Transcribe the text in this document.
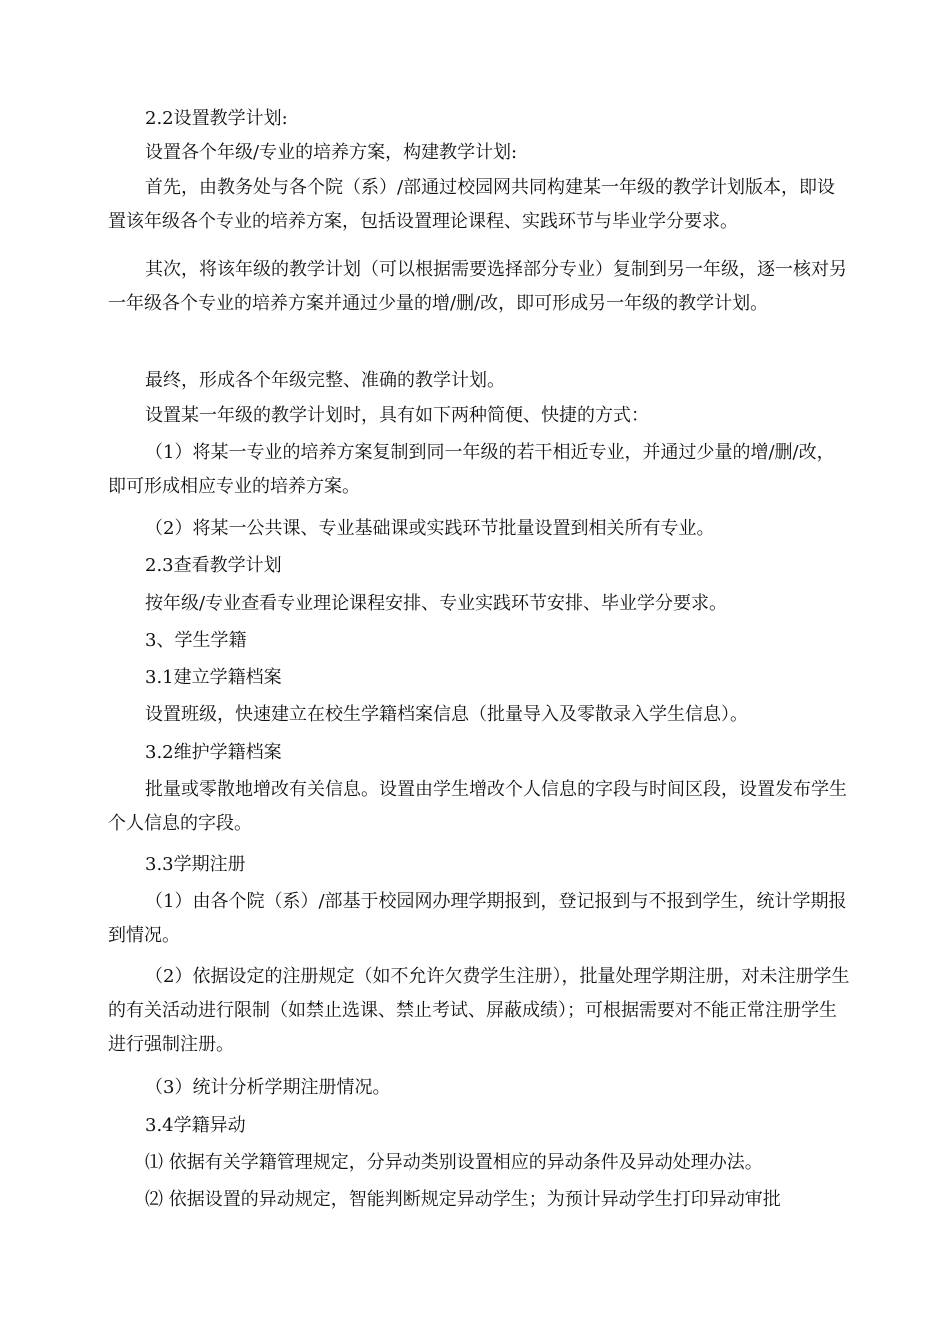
2.2设置教学计划:

设置各个年级/专业的培养方案，构建教学计划:

首先，由教务处与各个院（系）/部通过校园网共同构建某一年级的教学计划版本，即设置该年级各个专业的培养方案，包括设置理论课程、实践环节与毕业学分要求。

其次，将该年级的教学计划（可以根据需要选择部分专业）复制到另一年级，逐一核对另一年级各个专业的培养方案并通过少量的增/删/改，即可形成另一年级的教学计划。

最终，形成各个年级完整、准确的教学计划。

设置某一年级的教学计划时，具有如下两种简便、快捷的方式：

（1）将某一专业的培养方案复制到同一年级的若干相近专业，并通过少量的增/删/改，即可形成相应专业的培养方案。

（2）将某一公共课、专业基础课或实践环节批量设置到相关所有专业。

2.3查看教学计划

按年级/专业查看专业理论课程安排、专业实践环节安排、毕业学分要求。

3、学生学籍

3.1建立学籍档案

设置班级，快速建立在校生学籍档案信息（批量导入及零散录入学生信息）。

3.2维护学籍档案

批量或零散地增改有关信息。设置由学生增改个人信息的字段与时间区段，设置发布学生个人信息的字段。

3.3学期注册

（1）由各个院（系）/部基于校园网办理学期报到，登记报到与不报到学生，统计学期报到情况。

（2）依据设定的注册规定（如不允许欠费学生注册），批量处理学期注册，对未注册学生的有关活动进行限制（如禁止选课、禁止考试、屏蔽成绩）；可根据需要对不能正常注册学生进行强制注册。

（3）统计分析学期注册情况。

3.4学籍异动

⑴ 依据有关学籍管理规定，分异动类别设置相应的异动条件及异动处理办法。

⑵ 依据设置的异动规定，智能判断规定异动学生；为预计异动学生打印异动审批
